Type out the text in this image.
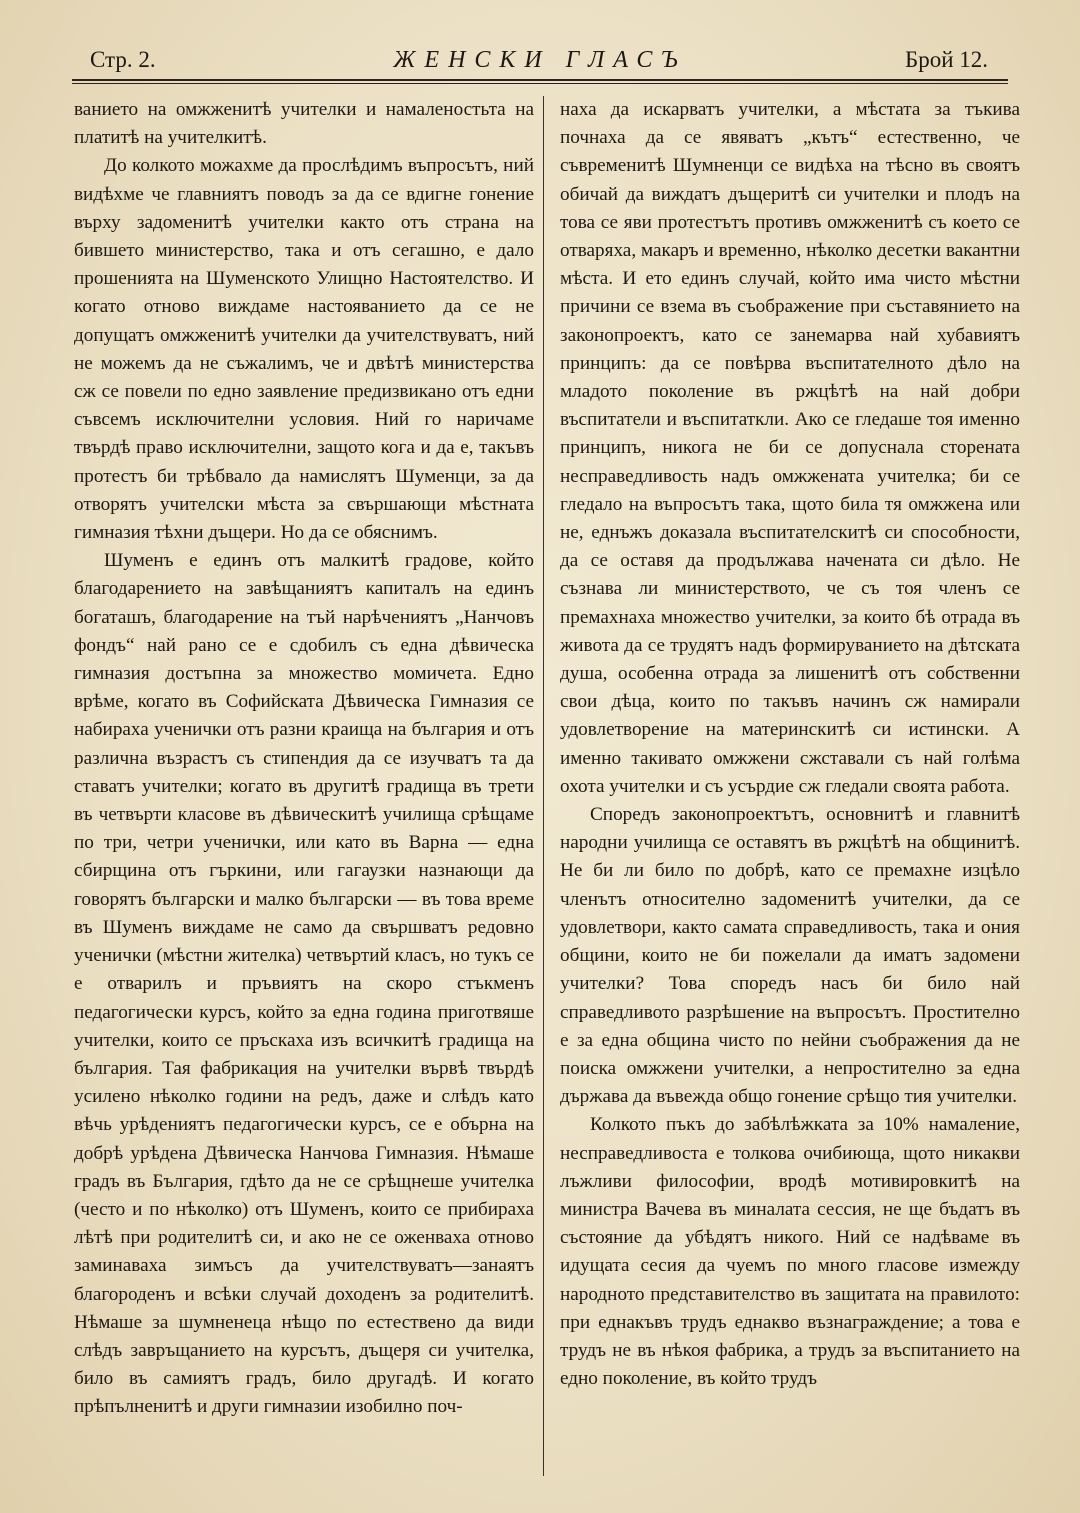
Стр. 2.	ЖЕНСКИ ГЛАСЪ	Брой 12.

ванието на омжженитѣ учителки и намаленостьта на платитѣ на учителкитѣ.

До колкото можахме да прослѣдимъ въпросътъ, ний видѣхме че главниятъ поводъ за да се вдигне гонение върху задоменитѣ учителки както отъ страна на бившето министерство, така и отъ сегашно, е дало прошенията на Шуменското Улищно Настоятелство. И когато отново виждаме настояванието да се не допущатъ омжженитѣ учителки да учителствуватъ, ний не можемъ да не съжалимъ, че и двѣтѣ министерства сж се повели по едно заявление предизвикано отъ едни съвсемъ исключителни условия. Ний го наричаме твърдѣ право исключителни, защото кога и да е, такъвъ протестъ би трѣбвало да намислятъ Шуменци, за да отворятъ учителски мѣста за свършающи мѣстната гимназия тѣхни дъщери. Но да се обяснимъ.

Шуменъ е единъ отъ малкитѣ градове, който благодарението на завѣщаниятъ капиталъ на единъ богаташъ, благодарение на тъй нарѣчениятъ „Нанчовъ фондъ“ най рано се е сдобилъ съ една дѣвическа гимназия достъпна за множество момичета. Едно врѣме, когато въ Софийската Дѣвическа Гимназия се набираха ученички отъ разни краища на българия и отъ различна възрастъ съ стипендия да се изучватъ та да ставатъ учителки; когато въ другитѣ градища въ трети въ четвърти класове въ дѣвическитѣ училища срѣщаме по три, четри ученички, или като въ Варна — една сбирщина отъ гъркини, или гагаузки назнающи да говорятъ български и малко български — въ това време въ Шуменъ виждаме не само да свършватъ редовно ученички (мѣстни жителка) четвъртий класъ, но тукъ се е отварилъ и пръвиятъ на скоро стъкменъ педагогически курсъ, който за една година приготвяше учителки, които се пръскаха изъ всичкитѣ градища на българия. Тая фабрикация на учителки вървѣ твърдѣ усилено нѣколко години на редъ, даже и слѣдъ като вѣчь урѣдениятъ педагогически курсъ, се е обърна на добрѣ урѣдена Дѣвическа Нанчова Гимназия. Нѣмаше градъ въ България, гдѣто да не се срѣщнеше учителка (често и по нѣколко) отъ Шуменъ, които се прибираха лѣтѣ при родителитѣ си, и ако не се оженваха отново заминаваха зимъсъ да учителствуватъ—занаятъ благороденъ и всѣки случай доходенъ за родителитѣ. Нѣмаше за шумненеца нѣщо по естествено да види слѣдъ завръщанието на курсътъ, дъщеря си учителка, било въ самиятъ градъ, било другадѣ. И когато прѣпълненитѣ и други гимназии изобилно поч-

наха да искарватъ учителки, а мѣстата за тъкива почнаха да се явяватъ „кътъ“ естественно, че съвременитѣ Шумненци се видѣха на тѣсно въ своятъ обичай да виждатъ дъщеритѣ си учителки и плодъ на това се яви протестътъ противъ омжженитѣ съ което се отваряха, макаръ и временно, нѣколко десетки вакантни мѣста. И ето единъ случай, който има чисто мѣстни причини се взема въ съображение при съставянието на законопроектъ, като се занемарва най хубавиятъ принципъ: да се повѣрва въспитателното дѣло на младото поколение въ ржцѣтѣ на най добри въспитатели и въспитаткли. Ако се гледаше тоя именно принципъ, никога не би се допуснала сторената несправедливость надъ омжжената учителка; би се гледало на въпросътъ така, щото била тя омжжена или не, еднъжъ доказала въспитателскитѣ си способности, да се оставя да продължава начената си дѣло. Не съзнава ли министерството, че съ тоя членъ се премахнаха множество учителки, за които бѣ отрада въ живота да се трудятъ надъ формируванието на дѣтската душа, особенна отрада за лишенитѣ отъ собственни свои дѣца, които по такъвъ начинъ сж намирали удовлетворение на материнскитѣ си истински. А именно такивато омжжени сжставали съ най голѣма охота учителки и съ усърдие сж гледали своята работа.

Споредъ законопроектътъ, основнитѣ и главнитѣ народни училища се оставятъ въ ржцѣтѣ на общинитѣ. Не би ли било по добрѣ, като се премахне изцѣло членътъ относително задоменитѣ учителки, да се удовлетвори, както самата справедливость, така и ония общини, които не би пожелали да иматъ задомени учителки? Това споредъ насъ би било най справедливото разрѣшение на въпросътъ. Простително е за една община чисто по нейни съображения да не поиска омжжени учителки, а непростително за една държава да въвежда общо гонение срѣщо тия учителки.

Колкото пъкъ до забѣлѣжката за 10% намаление, несправедливоста е толкова очибиюща, щото никакви лъжливи философии, вродѣ мотивировкитѣ на министра Вачева въ миналата сессия, не ще бъдатъ въ състояние да убѣдятъ никого. Ний се надѣваме въ идущата сесия да чуемъ по много гласове измежду народното представителство въ защитата на правилото: при еднакъвъ трудъ еднакво възнаграждение; а това е трудъ не въ нѣкоя фабрика, а трудъ за въспитанието на едно поколение, въ който трудъ
